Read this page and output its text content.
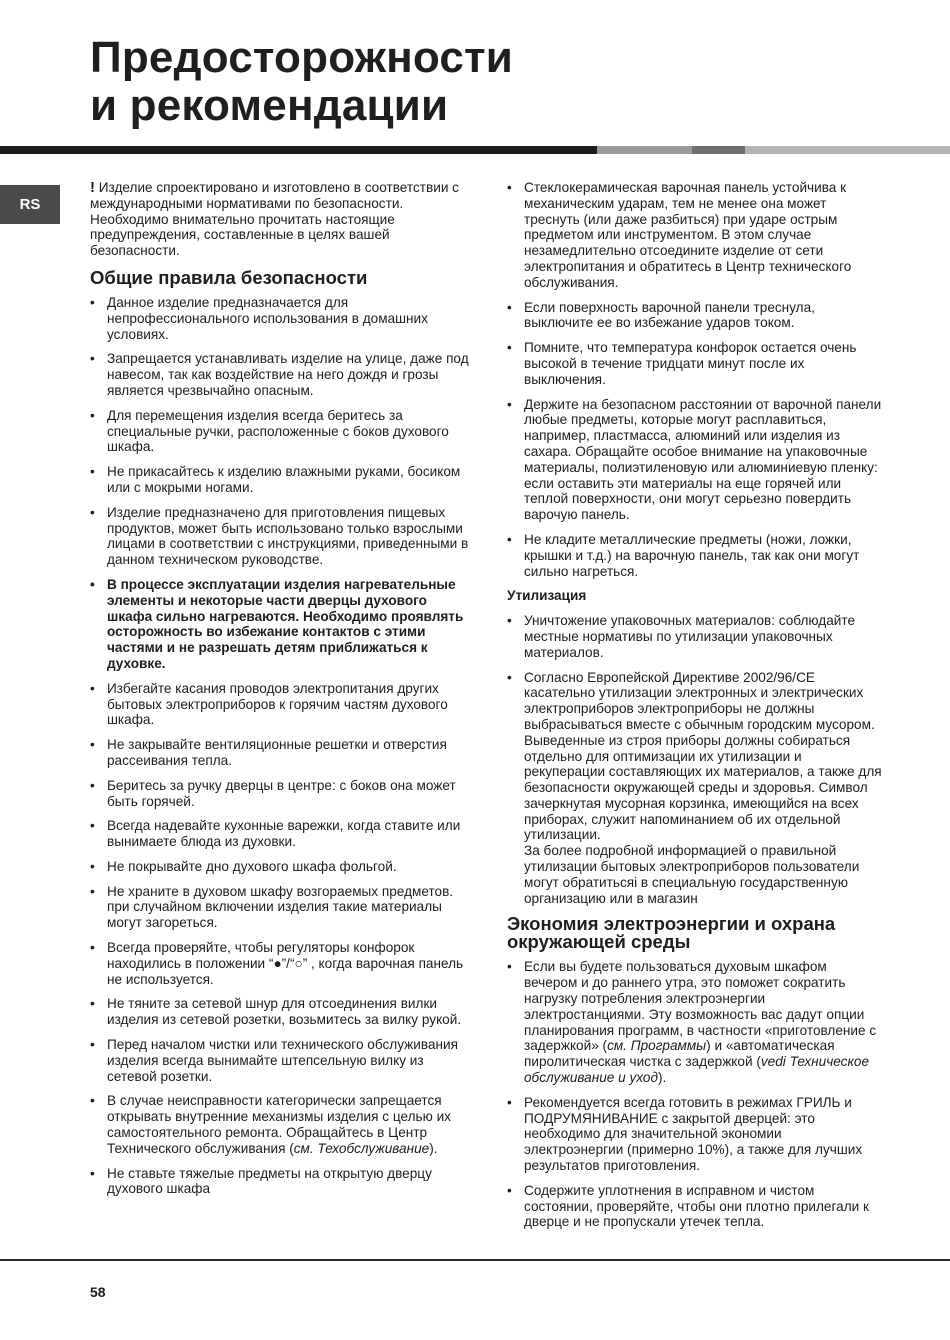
Предосторожности
и рекомендации
RS

! Изделие спроектировано и изготовлено в соответствии с международными нормативами по безопасности. Необходимо внимательно прочитать настоящие предупреждения, составленные в целях вашей безопасности.

Общие правила безопасности
• Данное изделие предназначается для непрофессионального использования в домашних условиях.
• Запрещается устанавливать изделие на улице, даже под навесом, так как воздействие на него дождя и грозы является чрезвычайно опасным.
• Для перемещения изделия всегда беритесь за специальные ручки, расположенные с боков духового шкафа.
• Не прикасайтесь к изделию влажными руками, босиком или с мокрыми ногами.
• Изделие предназначено для приготовления пищевых продуктов, может быть использовано только взрослыми лицами в соответствии с инструкциями, приведенными в данном техническом руководстве.
• В процессе эксплуатации изделия нагревательные элементы и некоторые части дверцы духового шкафа сильно нагреваются. Необходимо проявлять осторожность во избежание контактов с этими частями и не разрешать детям приближаться к духовке.
• Избегайте касания проводов электропитания других бытовых электроприборов к горячим частям духового шкафа.
• Не закрывайте вентиляционные решетки и отверстия рассеивания тепла.
• Беритесь за ручку дверцы в центре: с боков она может быть горячей.
• Всегда надевайте кухонные варежки, когда ставите или вынимаете блюда из духовки.
• Не покрывайте дно духового шкафа фольгой.
• Не храните в духовом шкафу возгораемых предметов. при случайном включении изделия такие материалы могут загореться.
• Всегда проверяйте, чтобы регуляторы конфорок находились в положении “●”/“○” , когда варочная панель не используется.
• Не тяните за сетевой шнур для отсоединения вилки изделия из сетевой розетки, возьмитесь за вилку рукой.
• Перед началом чистки или технического обслуживания изделия всегда вынимайте штепсельную вилку из сетевой розетки.
• В случае неисправности категорически запрещается открывать внутренние механизмы изделия с целью их самостоятельного ремонта. Обращайтесь в Центр Технического обслуживания (см. Техобслуживание).
• Не ставьте тяжелые предметы на открытую дверцу духового шкафа
• Стеклокерамическая варочная панель устойчива к механическим ударам, тем не менее она может треснуть (или даже разбиться) при ударе острым предметом или инструментом. В этом случае незамедлительно отсоедините изделие от сети электропитания и обратитесь в Центр технического обслуживания.
• Если поверхность варочной панели треснула, выключите ее во избежание ударов током.
• Помните, что температура конфорок остается очень высокой в течение тридцати минут после их выключения.
• Держите на безопасном расстоянии от варочной панели любые предметы, которые могут расплавиться, например, пластмасса, алюминий или изделия из сахара. Обращайте особое внимание на упаковочные материалы, полиэтиленовую или алюминиевую пленку: если оставить эти материалы на еще горячей или теплой поверхности, они могут серьезно повердить варочую панель.
• Не кладите металлические предметы (ножи, ложки, крышки и т.д.) на варочную панель, так как они могут сильно нагреться.
Утилизация
• Уничтожение упаковочных материалов: соблюдайте местные нормативы по утилизации упаковочных материалов.
• Согласно Европейской Директиве 2002/96/CE касательно утилизации электронных и электрических электроприборов электроприборы не должны выбрасываться вместе с обычным городским мусором. Выведенные из строя приборы должны собираться отдельно для оптимизации их утилизации и рекуперации составляющих их материалов, а также для безопасности окружающей среды и здоровья. Символ зачеркнутая мусорная корзинка, имеющийся на всех приборах, служит напоминанием об их отдельной утилизации.
За более подробной информацией о правильной утилизации бытовых электроприборов пользователи могут обратитьсяі в специальную государственную организацию или в магазин
Экономия электроэнергии и охрана окружающей среды
• Если вы будете пользоваться духовым шкафом вечером и до раннего утра, это поможет сократить нагрузку потребления электроэнергии электростанциями. Эту возможность вас дадут опции планирования программ, в частности «приготовление с задержкой» (см. Программы) и «автоматическая пиролитическая чистка с задержкой (vedi Техническое обслуживание и уход).
• Рекомендуется всегда готовить в режимах ГРИЛЬ и ПОДРУМЯНИВАНИЕ с закрытой дверцей: это необходимо для значительной экономии электроэнергии (примерно 10%), а также для лучших результатов приготовления.
• Содержите уплотнения в исправном и чистом состоянии, проверяйте, чтобы они плотно прилегали к дверце и не пропускали утечек тепла.
58
